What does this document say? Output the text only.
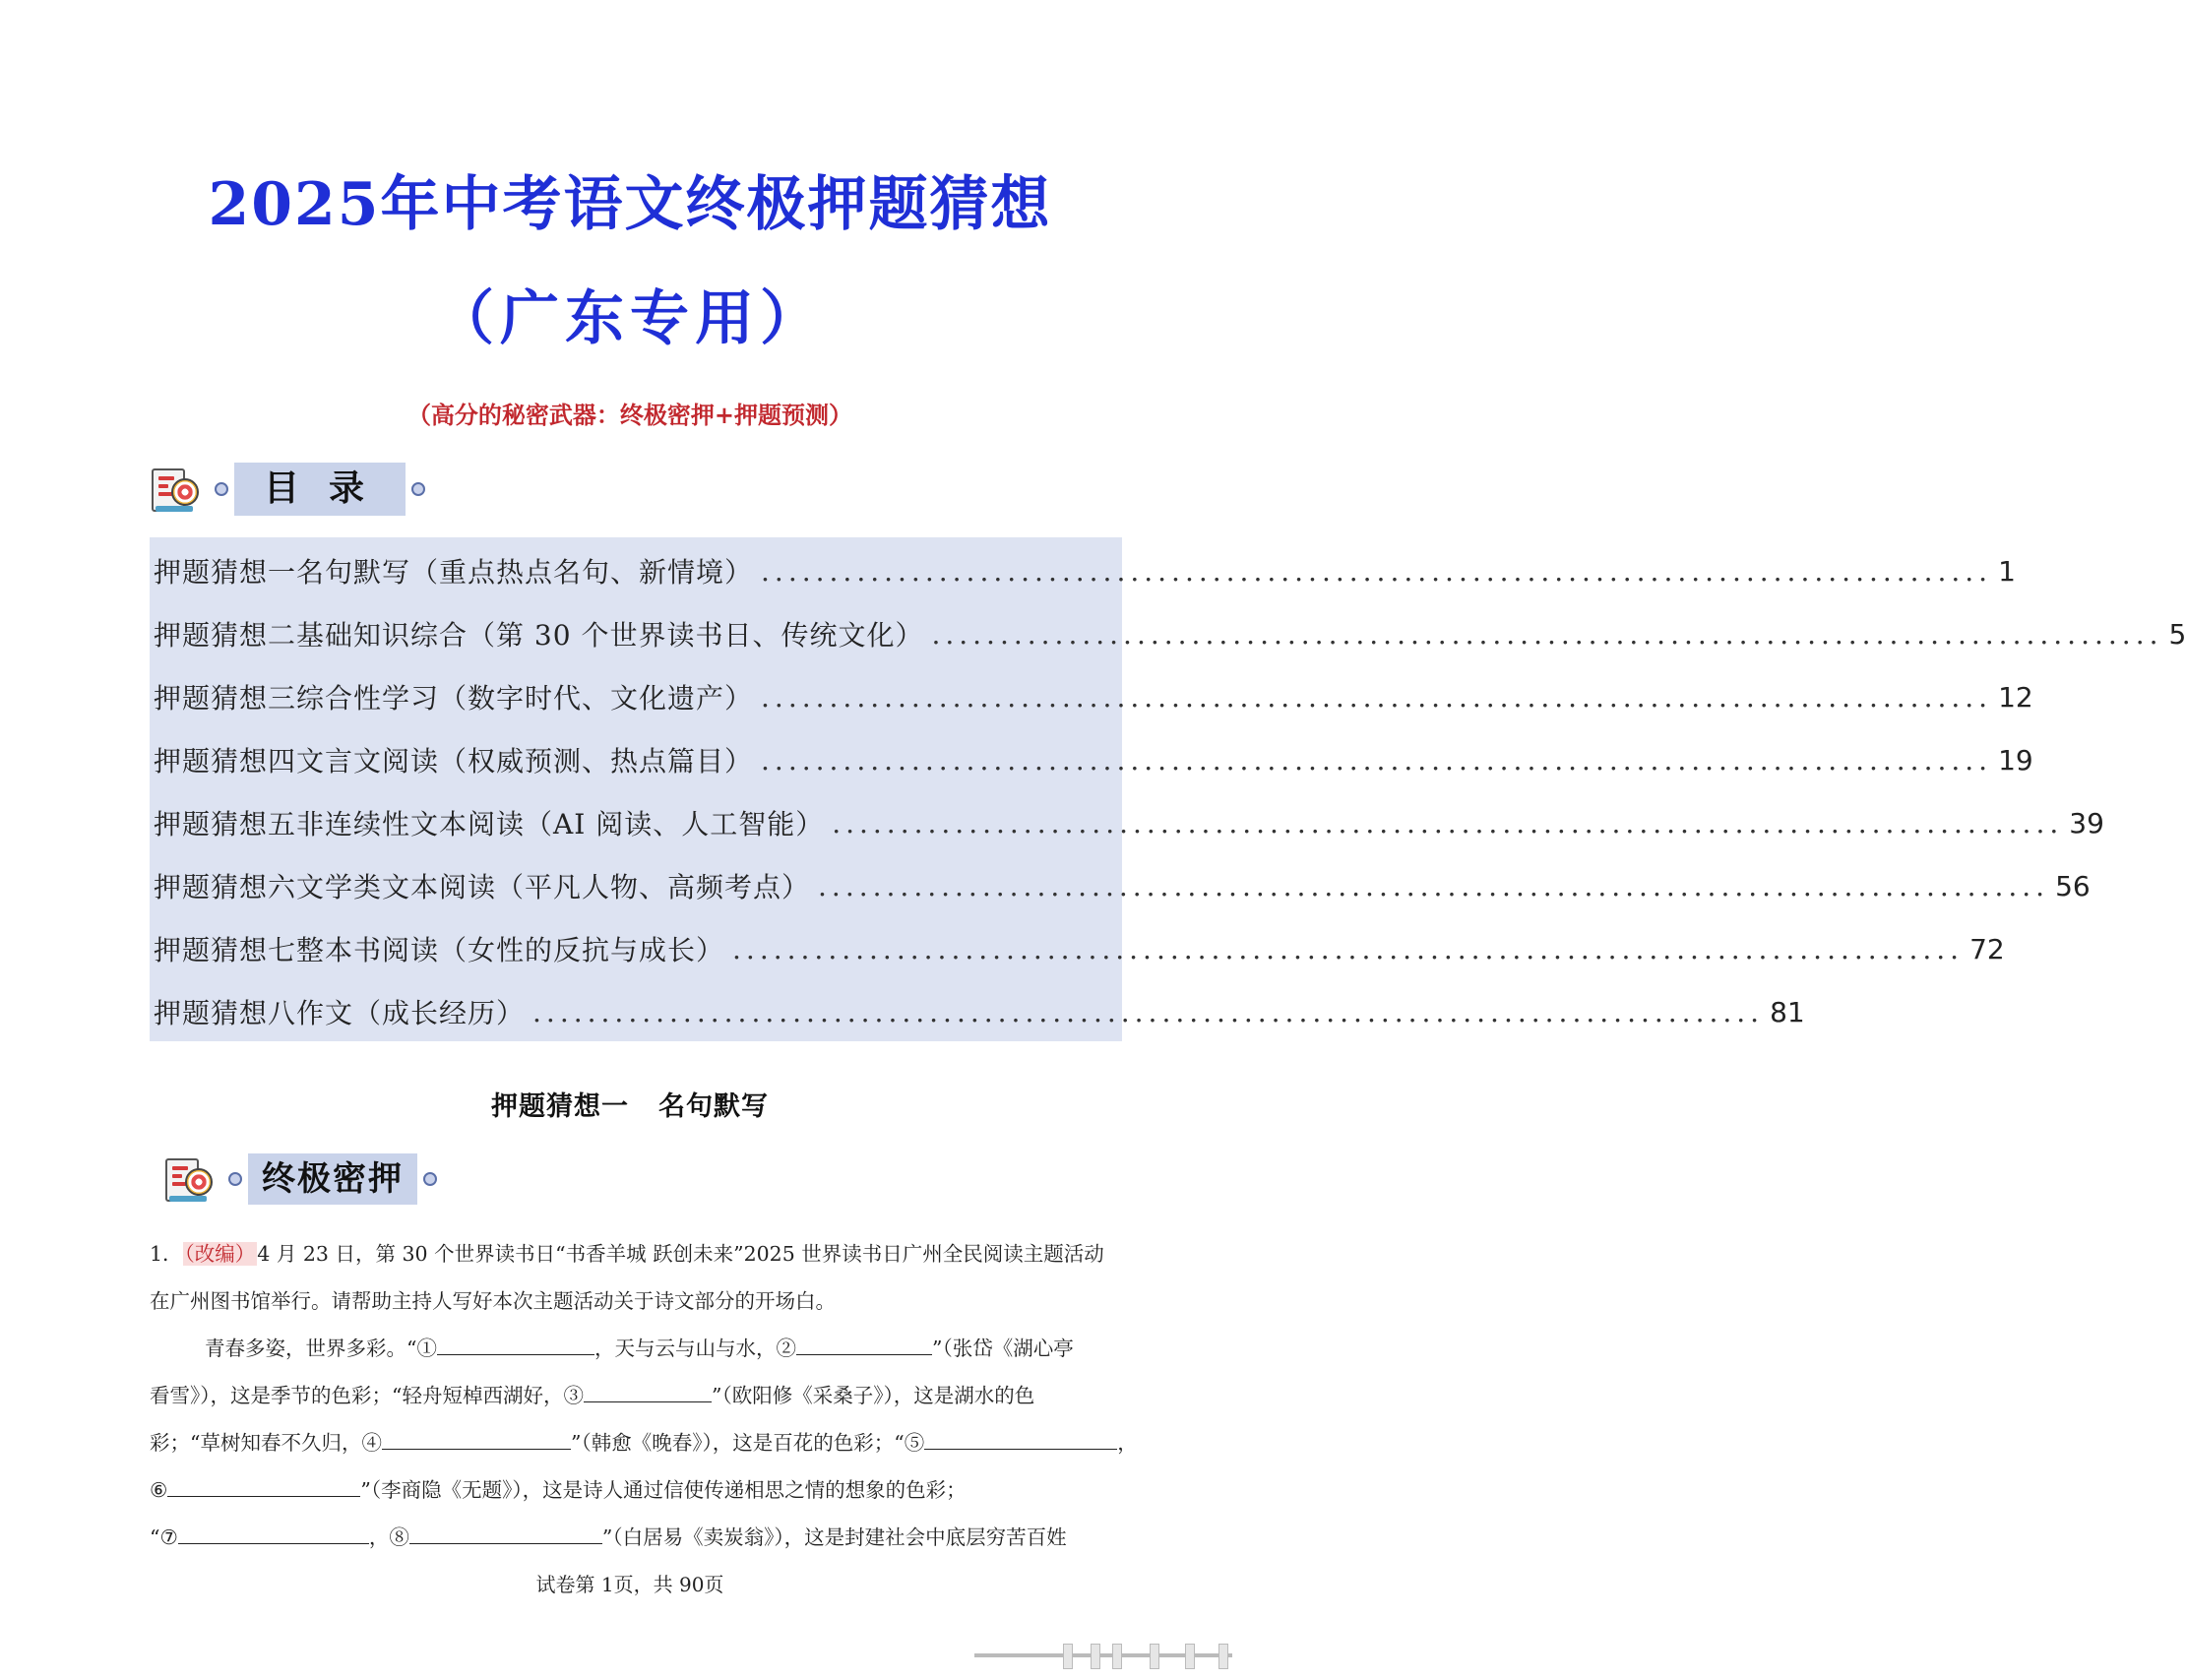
2025年中考语文终极押题猜想
（广东专用）
（高分的秘密武器：终极密押+押题预测）
目录
押题猜想一 名句默写（重点热点名句、新情境） .......................................................................................... 1
押题猜想二 基础知识综合（第 30 个世界读书日、传统文化） .......................................................................................... 5
押题猜想三 综合性学习（数字时代、文化遗产） .......................................................................................... 12
押题猜想四 文言文阅读（权威预测、热点篇目） .......................................................................................... 19
押题猜想五 非连续性文本阅读（AI 阅读、人工智能） .......................................................................................... 39
押题猜想六 文学类文本阅读（平凡人物、高频考点） .......................................................................................... 56
押题猜想七 整本书阅读（女性的反抗与成长） .......................................................................................... 72
押题猜想八 作文（成长经历） .......................................................................................... 81
押题猜想一 名句默写
终极密押
1．（改编）4 月 23 日，第 30 个世界读书日“书香羊城 跃创未来”2025 世界读书日广州全民阅读主题活动
在广州图书馆举行。请帮助主持人写好本次主题活动关于诗文部分的开场白。
青春多姿，世界多彩。“①	，天与云与山与水，②	”（张岱《湖心亭
看雪》），这是季节的色彩；“轻舟短棹西湖好，③	”（欧阳修《采桑子》），这是湖水的色
彩；“草树知春不久归，④	”（韩愈《晚春》），这是百花的色彩；“⑤	，
⑥	”（李商隐《无题》），这是诗人通过信使传递相思之情的想象的色彩；
“⑦	，⑧	”（白居易《卖炭翁》），这是封建社会中底层穷苦百姓
试卷第 1页，共 90页
